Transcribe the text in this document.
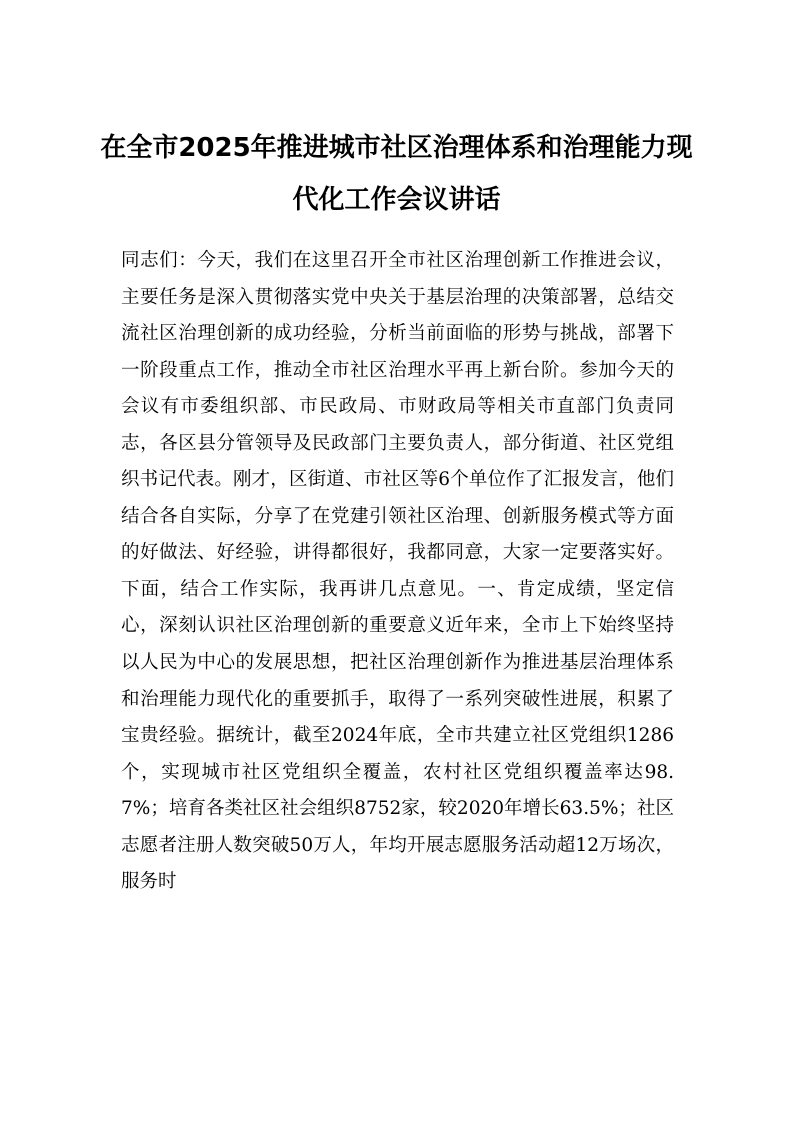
在全市2025年推进城市社区治理体系和治理能力现代化工作会议讲话

同志们：今天，我们在这里召开全市社区治理创新工作推进会议，主要任务是深入贯彻落实党中央关于基层治理的决策部署，总结交流社区治理创新的成功经验，分析当前面临的形势与挑战，部署下一阶段重点工作，推动全市社区治理水平再上新台阶。参加今天的会议有市委组织部、市民政局、市财政局等相关市直部门负责同志，各区县分管领导及民政部门主要负责人，部分街道、社区党组织书记代表。刚才，区街道、市社区等6个单位作了汇报发言，他们结合各自实际，分享了在党建引领社区治理、创新服务模式等方面的好做法、好经验，讲得都很好，我都同意，大家一定要落实好。下面，结合工作实际，我再讲几点意见。一、肯定成绩，坚定信心，深刻认识社区治理创新的重要意义近年来，全市上下始终坚持以人民为中心的发展思想，把社区治理创新作为推进基层治理体系和治理能力现代化的重要抓手，取得了一系列突破性进展，积累了宝贵经验。据统计，截至2024年底，全市共建立社区党组织1286个，实现城市社区党组织全覆盖，农村社区党组织覆盖率达98.7%；培育各类社区社会组织8752家，较2020年增长63.5%；社区志愿者注册人数突破50万人，年均开展志愿服务活动超12万场次，服务时
